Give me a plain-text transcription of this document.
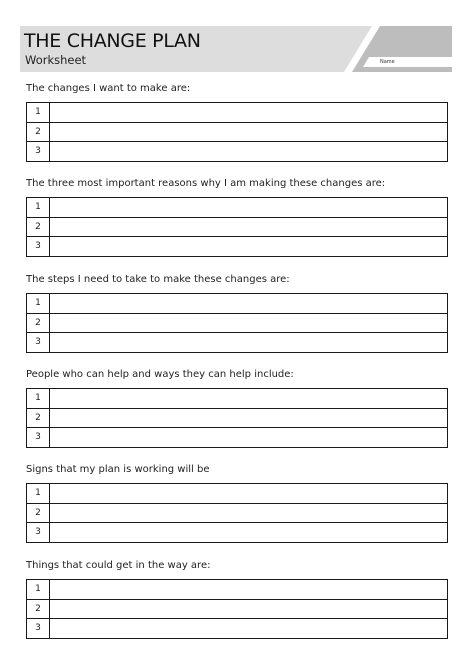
THE CHANGE PLAN
Worksheet	Name
The changes I want to make are:
1	
2	
3	
The three most important reasons why I am making these changes are:
1	
2	
3	
The steps I need to take to make these changes are:
1	
2	
3	
People who can help and ways they can help include:
1	
2	
3	
Signs that my plan is working will be
1	
2	
3	
Things that could get in the way are:
1	
2	
3	
